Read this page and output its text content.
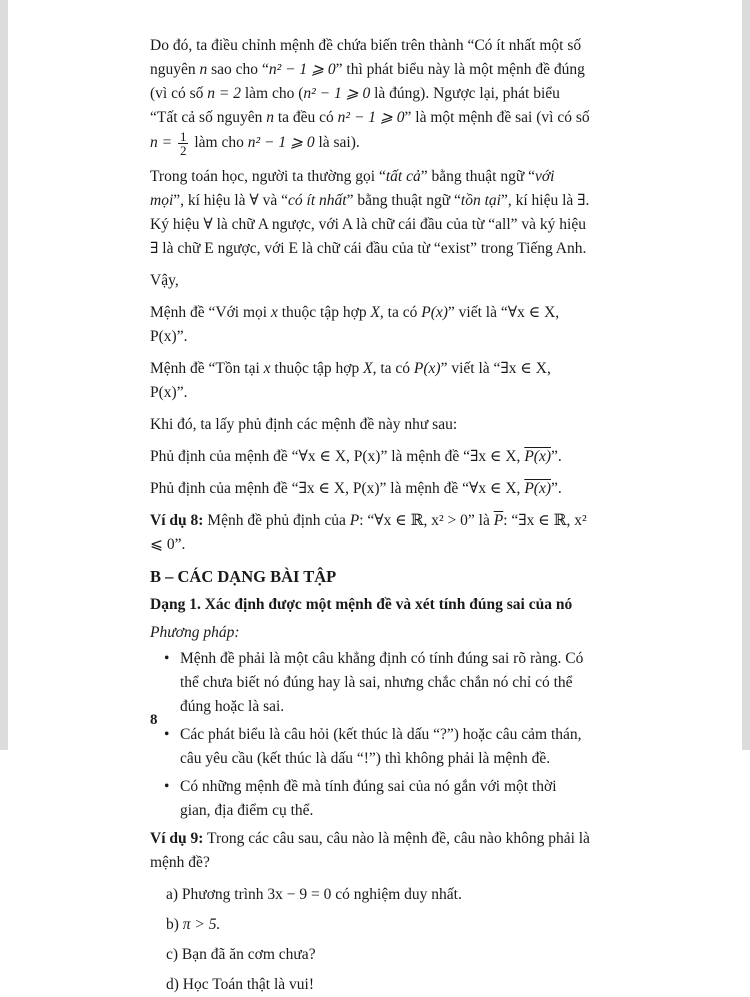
Do đó, ta điều chỉnh mệnh đề chứa biến trên thành “Có ít nhất một số nguyên n sao cho “n² − 1 ⩾ 0” thì phát biểu này là một mệnh đề đúng (vì có số n = 2 làm cho (n² − 1 ⩾ 0 là đúng). Ngược lại, phát biểu “Tất cả số nguyên n ta đều có n² − 1 ⩾ 0” là một mệnh đề sai (vì có số $n = \frac{1}{2}$ làm cho n² − 1 ⩾ 0 là sai).

Trong toán học, người ta thường gọi “tất cả” bằng thuật ngữ “với mọi”, kí hiệu là ∀ và “có ít nhất” bằng thuật ngữ “tồn tại”, kí hiệu là ∃. Ký hiệu ∀ là chữ A ngược, với A là chữ cái đầu của từ “all” và ký hiệu ∃ là chữ E ngược, với E là chữ cái đầu của từ “exist” trong Tiếng Anh.

Vậy,

Mệnh đề “Với mọi x thuộc tập hợp X, ta có P(x)” viết là “∀x ∈ X, P(x)”.

Mệnh đề “Tồn tại x thuộc tập hợp X, ta có P(x)” viết là “∃x ∈ X, P(x)”.

Khi đó, ta lấy phủ định các mệnh đề này như sau:

Phủ định của mệnh đề “∀x ∈ X, P(x)” là mệnh đề “∃x ∈ X, P(x)”.

Phủ định của mệnh đề “∃x ∈ X, P(x)” là mệnh đề “∀x ∈ X, P(x)”.

Ví dụ 8: Mệnh đề phủ định của P: “∀x ∈ ℝ, x² > 0” là $\overline{P}$: “∃x ∈ ℝ, x² ⩽ 0”.

B – CÁC DẠNG BÀI TẬP

Dạng 1. Xác định được một mệnh đề và xét tính đúng sai của nó

Phương pháp:

• Mệnh đề phải là một câu khẳng định có tính đúng sai rõ ràng. Có thể chưa biết nó đúng hay là sai, nhưng chắc chắn nó chỉ có thể đúng hoặc là sai.
• Các phát biểu là câu hỏi (kết thúc là dấu “?”) hoặc câu cảm thán, câu yêu cầu (kết thúc là dấu “!”) thì không phải là mệnh đề.
• Có những mệnh đề mà tính đúng sai của nó gắn với một thời gian, địa điểm cụ thể.

Ví dụ 9: Trong các câu sau, câu nào là mệnh đề, câu nào không phải là mệnh đề?

a) Phương trình 3x − 9 = 0 có nghiệm duy nhất.

b) π > 5.

c) Bạn đã ăn cơm chưa?

d) Học Toán thật là vui!

8
